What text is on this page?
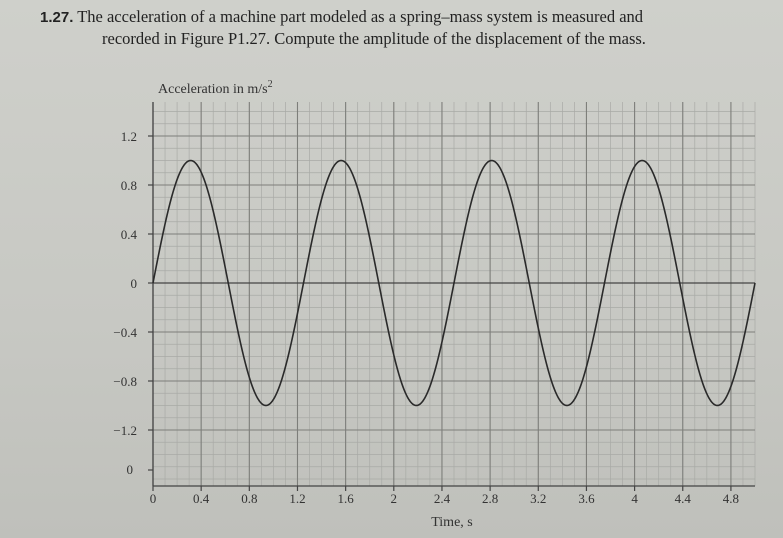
1.27. The acceleration of a machine part modeled as a spring–mass system is measured and
recorded in Figure P1.27. Compute the amplitude of the displacement of the mass.
1.2
0.8
0.4
0
−0.4
−0.8
−1.2
0	0.4 0.8 1.2 1.6	2	2.4 2.8 3.2 3.6	4	4.4 4.8
Acceleration in $m/s^2$
Time, s
0
